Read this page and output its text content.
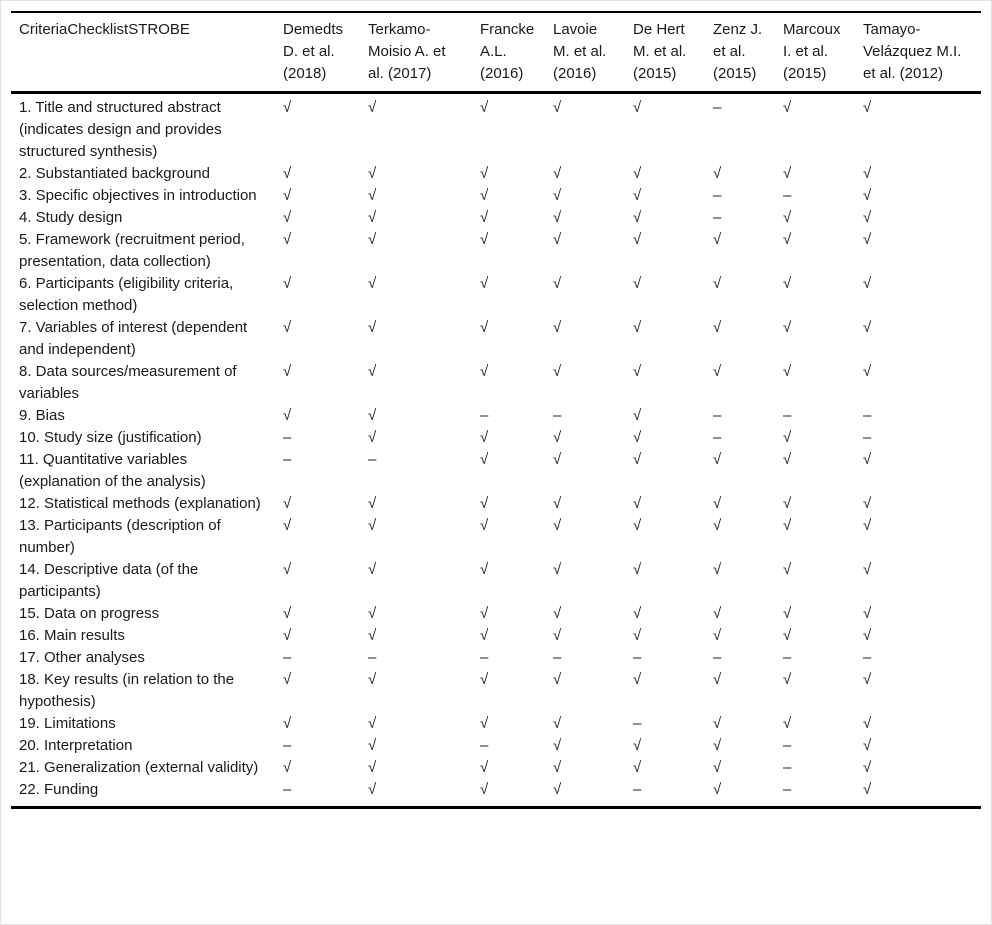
CriteriaChecklistSTROBE	Demedts D. et al. (2018)	Terkamo-Moisio A. et al. (2017)	Francke A.L. (2016)	Lavoie M. et al. (2016)	De Hert M. et al. (2015)	Zenz J. et al. (2015)	Marcoux I. et al. (2015)	Tamayo-Velázquez M.I. et al. (2012)
1. Title and structured abstract (indicates design and provides structured synthesis)	√	√	√	√	√	–	√	√
2. Substantiated background	√	√	√	√	√	√	√	√
3. Specific objectives in introduction	√	√	√	√	√	–	–	√
4. Study design	√	√	√	√	√	–	√	√
5. Framework (recruitment period, presentation, data collection)	√	√	√	√	√	√	√	√
6. Participants (eligibility criteria, selection method)	√	√	√	√	√	√	√	√
7. Variables of interest (dependent and independent)	√	√	√	√	√	√	√	√
8. Data sources/measurement of variables	√	√	√	√	√	√	√	√
9. Bias	√	√	–	–	√	–	–	–
10. Study size (justification)	–	√	√	√	√	–	√	–
11. Quantitative variables (explanation of the analysis)	–	–	√	√	√	√	√	√
12. Statistical methods (explanation)	√	√	√	√	√	√	√	√
13. Participants (description of number)	√	√	√	√	√	√	√	√
14. Descriptive data (of the participants)	√	√	√	√	√	√	√	√
15. Data on progress	√	√	√	√	√	√	√	√
16. Main results	√	√	√	√	√	√	√	√
17. Other analyses	–	–	–	–	–	–	–	–
18. Key results (in relation to the hypothesis)	√	√	√	√	√	√	√	√
19. Limitations	√	√	√	√	–	√	√	√
20. Interpretation	–	√	–	√	√	√	–	√
21. Generalization (external validity)	√	√	√	√	√	√	–	√
22. Funding	–	√	√	√	–	√	–	√
